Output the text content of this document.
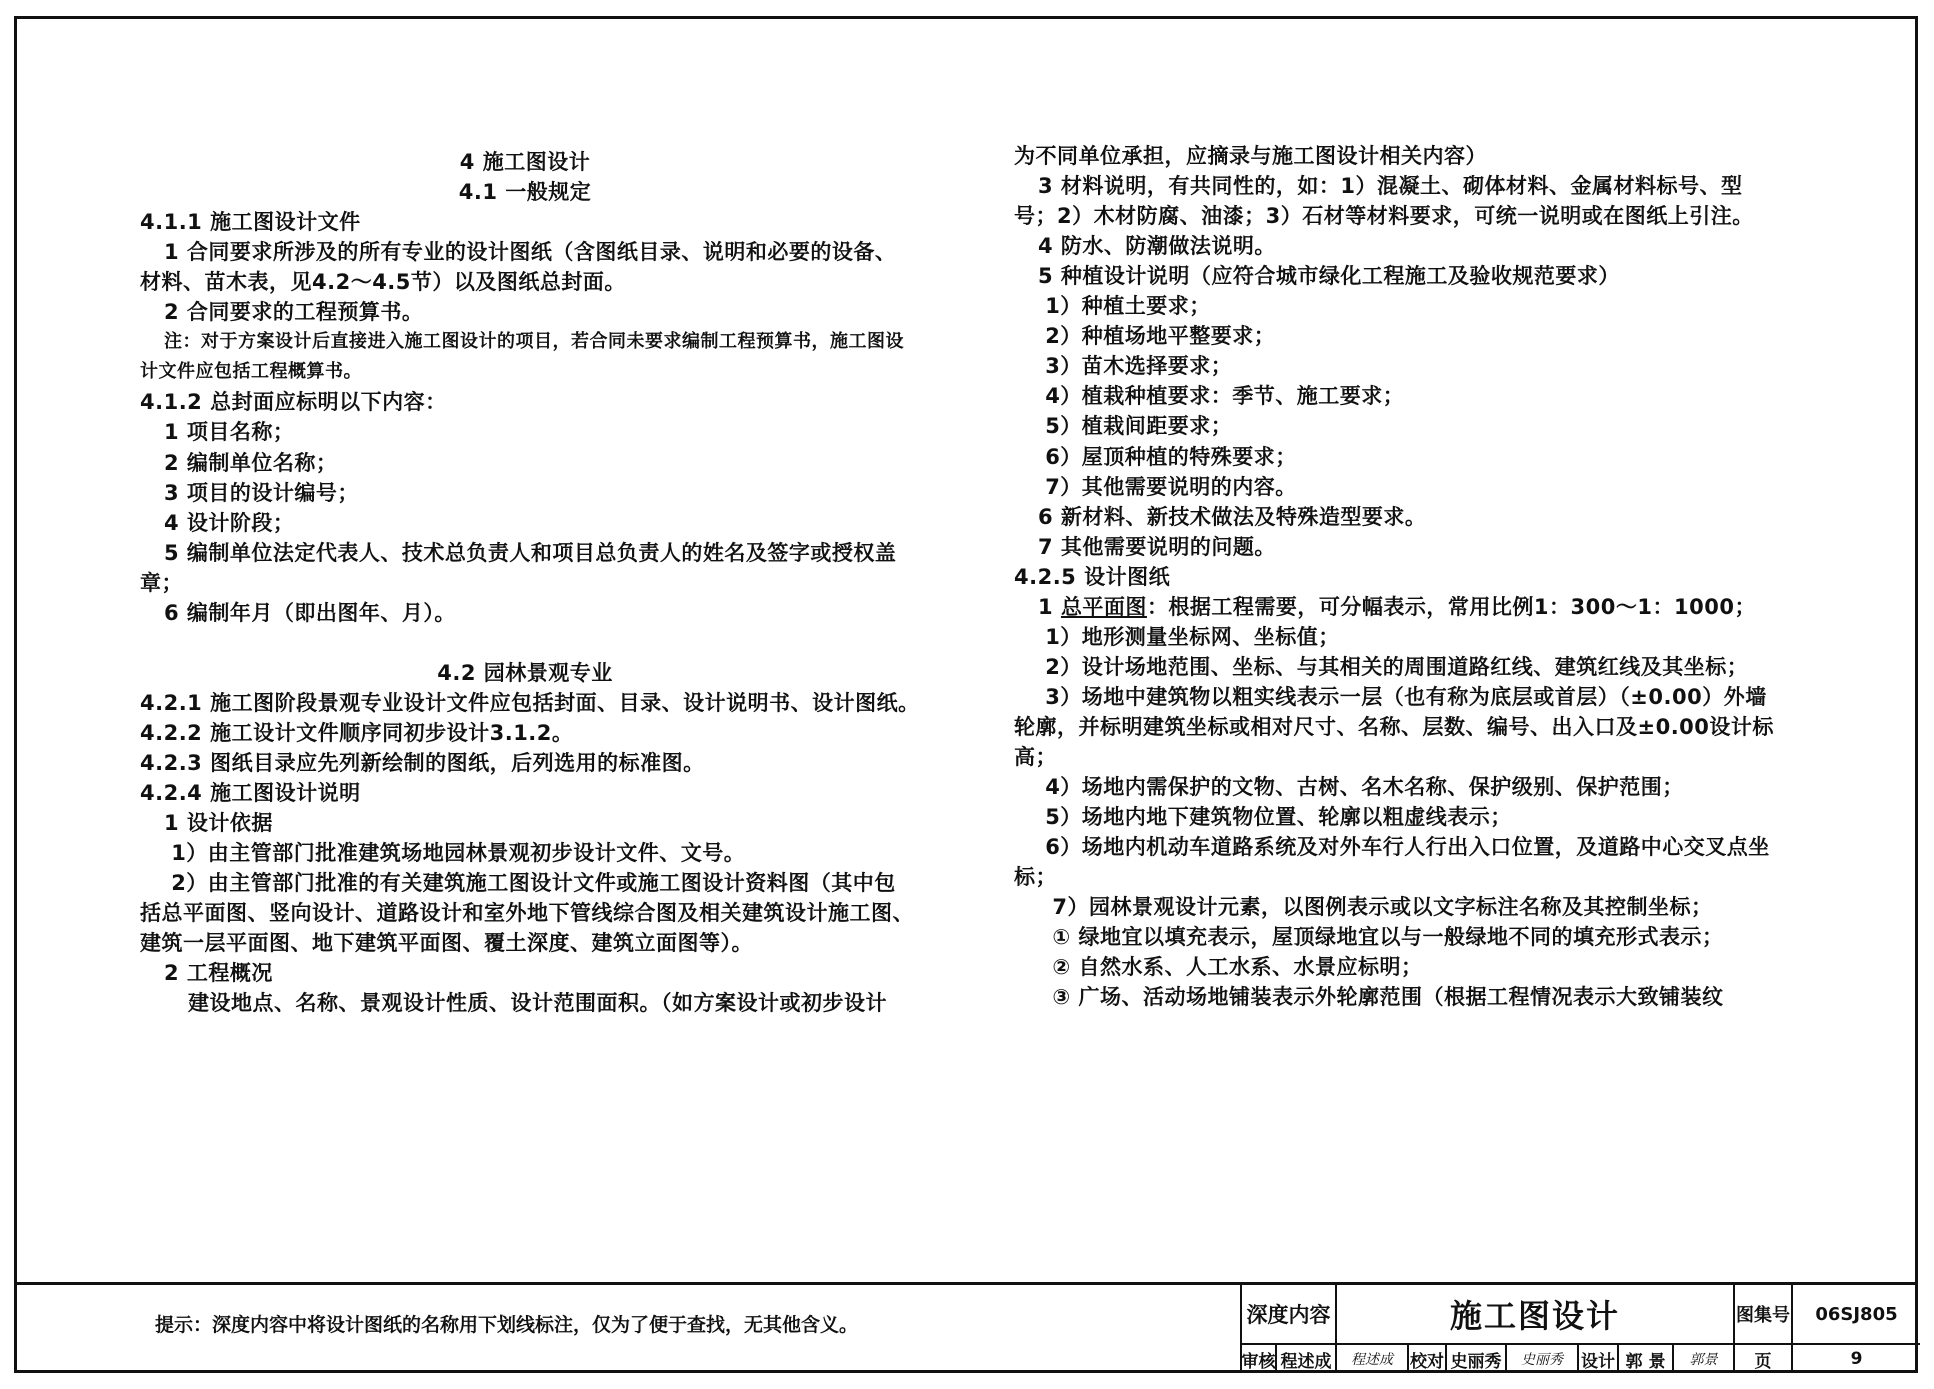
4 施工图设计
4.1 一般规定
4.1.1 施工图设计文件
1 合同要求所涉及的所有专业的设计图纸（含图纸目录、说明和必要的设备、
材料、苗木表，见4.2～4.5节）以及图纸总封面。
2 合同要求的工程预算书。
注：对于方案设计后直接进入施工图设计的项目，若合同未要求编制工程预算书，施工图设
计文件应包括工程概算书。
4.1.2 总封面应标明以下内容：
1 项目名称；
2 编制单位名称；
3 项目的设计编号；
4 设计阶段；
5 编制单位法定代表人、技术总负责人和项目总负责人的姓名及签字或授权盖
章；
6 编制年月（即出图年、月）。
4.2 园林景观专业
4.2.1 施工图阶段景观专业设计文件应包括封面、目录、设计说明书、设计图纸。
4.2.2 施工设计文件顺序同初步设计3.1.2。
4.2.3 图纸目录应先列新绘制的图纸，后列选用的标准图。
4.2.4 施工图设计说明
1 设计依据
1）由主管部门批准建筑场地园林景观初步设计文件、文号。
2）由主管部门批准的有关建筑施工图设计文件或施工图设计资料图（其中包
括总平面图、竖向设计、道路设计和室外地下管线综合图及相关建筑设计施工图、
建筑一层平面图、地下建筑平面图、覆土深度、建筑立面图等）。
2 工程概况
建设地点、名称、景观设计性质、设计范围面积。（如方案设计或初步设计
为不同单位承担，应摘录与施工图设计相关内容）
3 材料说明，有共同性的，如：1）混凝土、砌体材料、金属材料标号、型
号；2）木材防腐、油漆；3）石材等材料要求，可统一说明或在图纸上引注。
4 防水、防潮做法说明。
5 种植设计说明（应符合城市绿化工程施工及验收规范要求）
1）种植土要求；
2）种植场地平整要求；
3）苗木选择要求；
4）植栽种植要求：季节、施工要求；
5）植栽间距要求；
6）屋顶种植的特殊要求；
7）其他需要说明的内容。
6 新材料、新技术做法及特殊造型要求。
7 其他需要说明的问题。
4.2.5 设计图纸
1 总平面图：根据工程需要，可分幅表示，常用比例1：300～1：1000；
1）地形测量坐标网、坐标值；
2）设计场地范围、坐标、与其相关的周围道路红线、建筑红线及其坐标；
3）场地中建筑物以粗实线表示一层（也有称为底层或首层）（±0.00）外墙
轮廓，并标明建筑坐标或相对尺寸、名称、层数、编号、出入口及±0.00设计标
高；
4）场地内需保护的文物、古树、名木名称、保护级别、保护范围；
5）场地内地下建筑物位置、轮廓以粗虚线表示；
6）场地内机动车道路系统及对外车行人行出入口位置，及道路中心交叉点坐
标；
7）园林景观设计元素，以图例表示或以文字标注名称及其控制坐标；
① 绿地宜以填充表示，屋顶绿地宜以与一般绿地不同的填充形式表示；
② 自然水系、人工水系、水景应标明；
③ 广场、活动场地铺装表示外轮廓范围（根据工程情况表示大致铺装纹
提示：深度内容中将设计图纸的名称用下划线标注，仅为了便于查找，无其他含义。	深度内容	施工图设计	图集号	06SJ805
审核 程述成	程述成	校对 史丽秀	史丽秀	设计 郭 景	郭景	页	9
